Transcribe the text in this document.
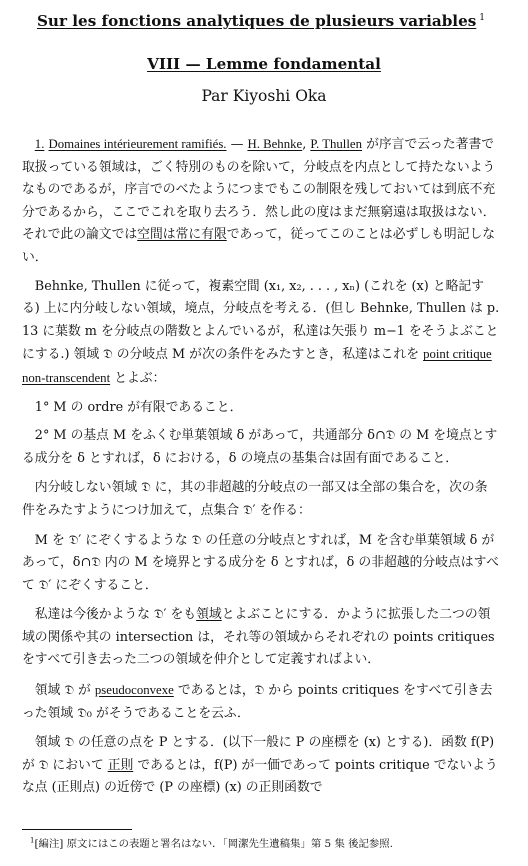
Sur les fonctions analytiques de plusieurs variables $^1$
VIII — Lemme fondamental
Par Kiyoshi Oka

1. Domaines intérieurement ramifiés. — H. Behnke, P. Thullen が序言で云った著書で取扱っている領域は，ごく特別のものを除いて，分岐点を内点として持たないようなものであるが，序言でのべたようにつまでもこの制限を残しておいては到底不充分であるから，ここでこれを取り去ろう．然し此の度はまだ無窮遠は取扱はない．それで此の論文では空間は常に有限であって，従ってこのことは必ずしも明記しない．

Behnke, Thullen に従って，複素空間 (x₁, x₂, . . . , xₙ) (これを (x) と略記する) 上に内分岐しない領域，境点，分岐点を考える．(但し Behnke, Thullen は p. 13 に葉数 m を分岐点の階数とよんでいるが，私達は矢張り m−1 をそうよぶことにする.) 領域 𝔇 の分岐点 M が次の条件をみたすとき，私達はこれを point critique non-transcendent とよぶ：

1° M の ordre が有限であること．

2° M の基点 M をふくむ単葉領域 δ があって，共通部分 δ∩𝔇 の M を境点とする成分を δ とすれば，δ における，δ の境点の基集合は固有面であること．

内分岐しない領域 𝔇 に，其の非超越的分岐点の一部又は全部の集合を，次の条件をみたすようにつけ加えて，点集合 𝔇′ を作る：

M を 𝔇′ にぞくするような 𝔇 の任意の分岐点とすれば，M を含む単葉領域 δ があって，δ∩𝔇 内の M を境界とする成分を δ とすれば，δ の非超越的分岐点はすべて 𝔇′ にぞくすること．

私達は今後かような 𝔇′ をも領域とよぶことにする．かように拡張した二つの領域の関係や其の intersection は，それ等の領域からそれぞれの points critiques をすべて引き去った二つの領域を仲介として定義すればよい．

領域 𝔇 が pseudoconvexe であるとは，𝔇 から points critiques をすべて引き去った領域 𝔇₀ がそうであることを云ふ．

領域 𝔇 の任意の点を P とする．(以下一般に P の座標を (x) とする)．函数 f(P) が 𝔇 において 正則 であるとは，f(P) が一価であって points critique でないような点 (正則点) の近傍で (P の座標) (x) の正則函数で

$^1$[編注] 原文にはこの表題と署名はない．「岡潔先生遺稿集」第 5 集 後記参照.
